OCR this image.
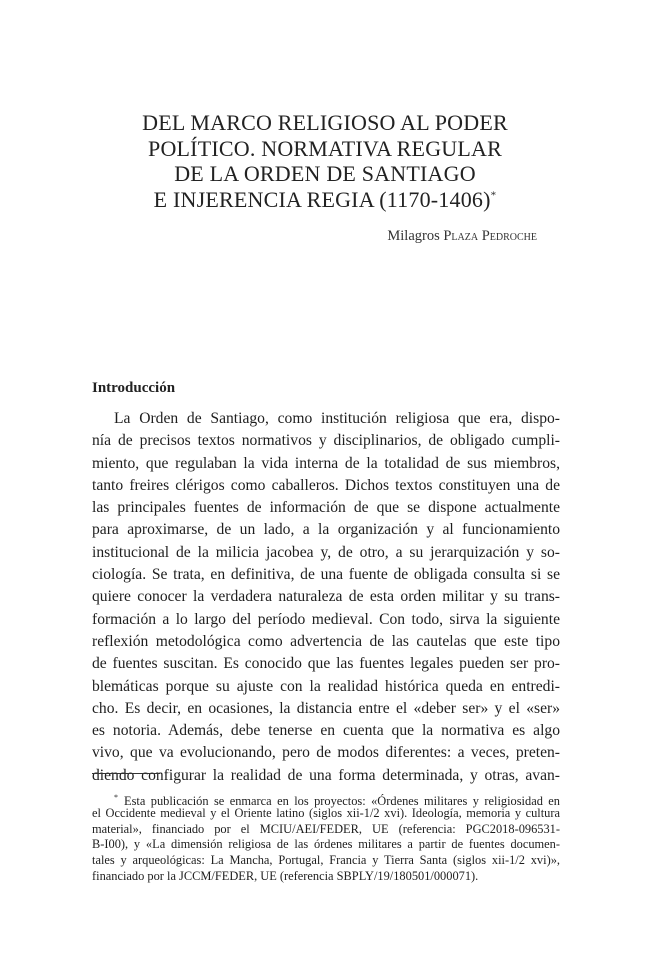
DEL MARCO RELIGIOSO AL PODER
POLÍTICO. NORMATIVA REGULAR
DE LA ORDEN DE SANTIAGO
E INJERENCIA REGIA (1170-1406)*
Milagros Plaza Pedroche
Introducción
La Orden de Santiago, como institución religiosa que era, dispo-
nía de precisos textos normativos y disciplinarios, de obligado cumpli-
miento, que regulaban la vida interna de la totalidad de sus miembros,
tanto freires clérigos como caballeros. Dichos textos constituyen una de
las principales fuentes de información de que se dispone actualmente
para aproximarse, de un lado, a la organización y al funcionamiento
institucional de la milicia jacobea y, de otro, a su jerarquización y so-
ciología. Se trata, en definitiva, de una fuente de obligada consulta si se
quiere conocer la verdadera naturaleza de esta orden militar y su trans-
formación a lo largo del período medieval. Con todo, sirva la siguiente
reflexión metodológica como advertencia de las cautelas que este tipo
de fuentes suscitan. Es conocido que las fuentes legales pueden ser pro-
blemáticas porque su ajuste con la realidad histórica queda en entredi-
cho. Es decir, en ocasiones, la distancia entre el «deber ser» y el «ser»
es notoria. Además, debe tenerse en cuenta que la normativa es algo
vivo, que va evolucionando, pero de modos diferentes: a veces, preten-
diendo configurar la realidad de una forma determinada, y otras, avan-
* Esta publicación se enmarca en los proyectos: «Órdenes militares y religiosidad en
el Occidente medieval y el Oriente latino (siglos xii-1/2 xvi). Ideología, memoria y cultura
material», financiado por el MCIU/AEI/FEDER, UE (referencia: PGC2018-096531-
B-I00), y «La dimensión religiosa de las órdenes militares a partir de fuentes documen-
tales y arqueológicas: La Mancha, Portugal, Francia y Tierra Santa (siglos xii-1/2 xvi)»,
financiado por la JCCM/FEDER, UE (referencia SBPLY/19/180501/000071).
